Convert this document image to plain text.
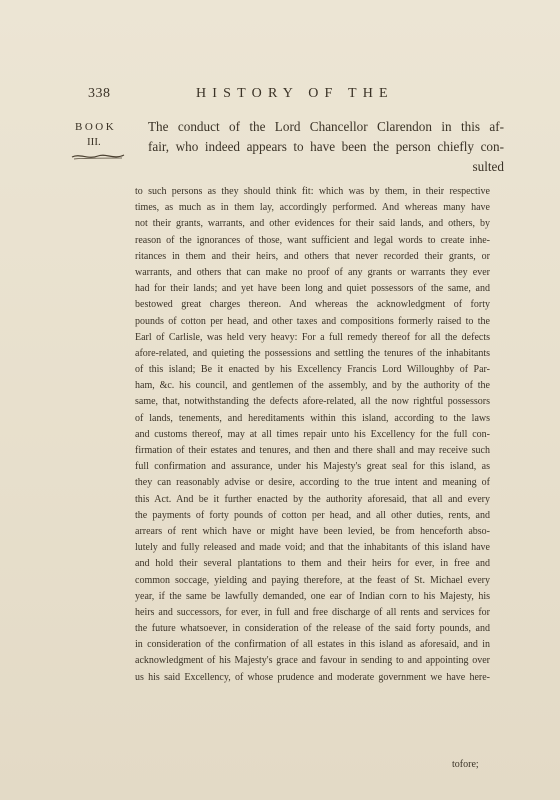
338	HISTORY OF THE
BOOK
III.
The conduct of the Lord Chancellor Clarendon in this af-
fair, who indeed appears to have been the person chiefly con-
sulted
to such persons as they should think fit: which was by them, in their respective
times, as much as in them lay, accordingly performed. And whereas many have
not their grants, warrants, and other evidences for their said lands, and others, by
reason of the ignorances of those, want sufficient and legal words to create inhe-
ritances in them and their heirs, and others that never recorded their grants, or
warrants, and others that can make no proof of any grants or warrants they ever
had for their lands; and yet have been long and quiet possessors of the same, and
bestowed great charges thereon. And whereas the acknowledgment of forty
pounds of cotton per head, and other taxes and compositions formerly raised to the
Earl of Carlisle, was held very heavy: For a full remedy thereof for all the defects
afore-related, and quieting the possessions and settling the tenures of the inhabitants
of this island; Be it enacted by his Excellency Francis Lord Willoughby of Par-
ham, &c. his council, and gentlemen of the assembly, and by the authority of the
same, that, notwithstanding the defects afore-related, all the now rightful possessors
of lands, tenements, and hereditaments within this island, according to the laws
and customs thereof, may at all times repair unto his Excellency for the full con-
firmation of their estates and tenures, and then and there shall and may receive such
full confirmation and assurance, under his Majesty's great seal for this island, as
they can reasonably advise or desire, according to the true intent and meaning of
this Act. And be it further enacted by the authority aforesaid, that all and every
the payments of forty pounds of cotton per head, and all other duties, rents, and
arrears of rent which have or might have been levied, be from henceforth abso-
lutely and fully released and made void; and that the inhabitants of this island have
and hold their several plantations to them and their heirs for ever, in free and
common soccage, yielding and paying therefore, at the feast of St. Michael every
year, if the same be lawfully demanded, one ear of Indian corn to his Majesty, his
heirs and successors, for ever, in full and free discharge of all rents and services for
the future whatsoever, in consideration of the release of the said forty pounds, and
in consideration of the confirmation of all estates in this island as aforesaid, and in
acknowledgment of his Majesty's grace and favour in sending to and appointing over
us his said Excellency, of whose prudence and moderate government we have here-
tofore;
